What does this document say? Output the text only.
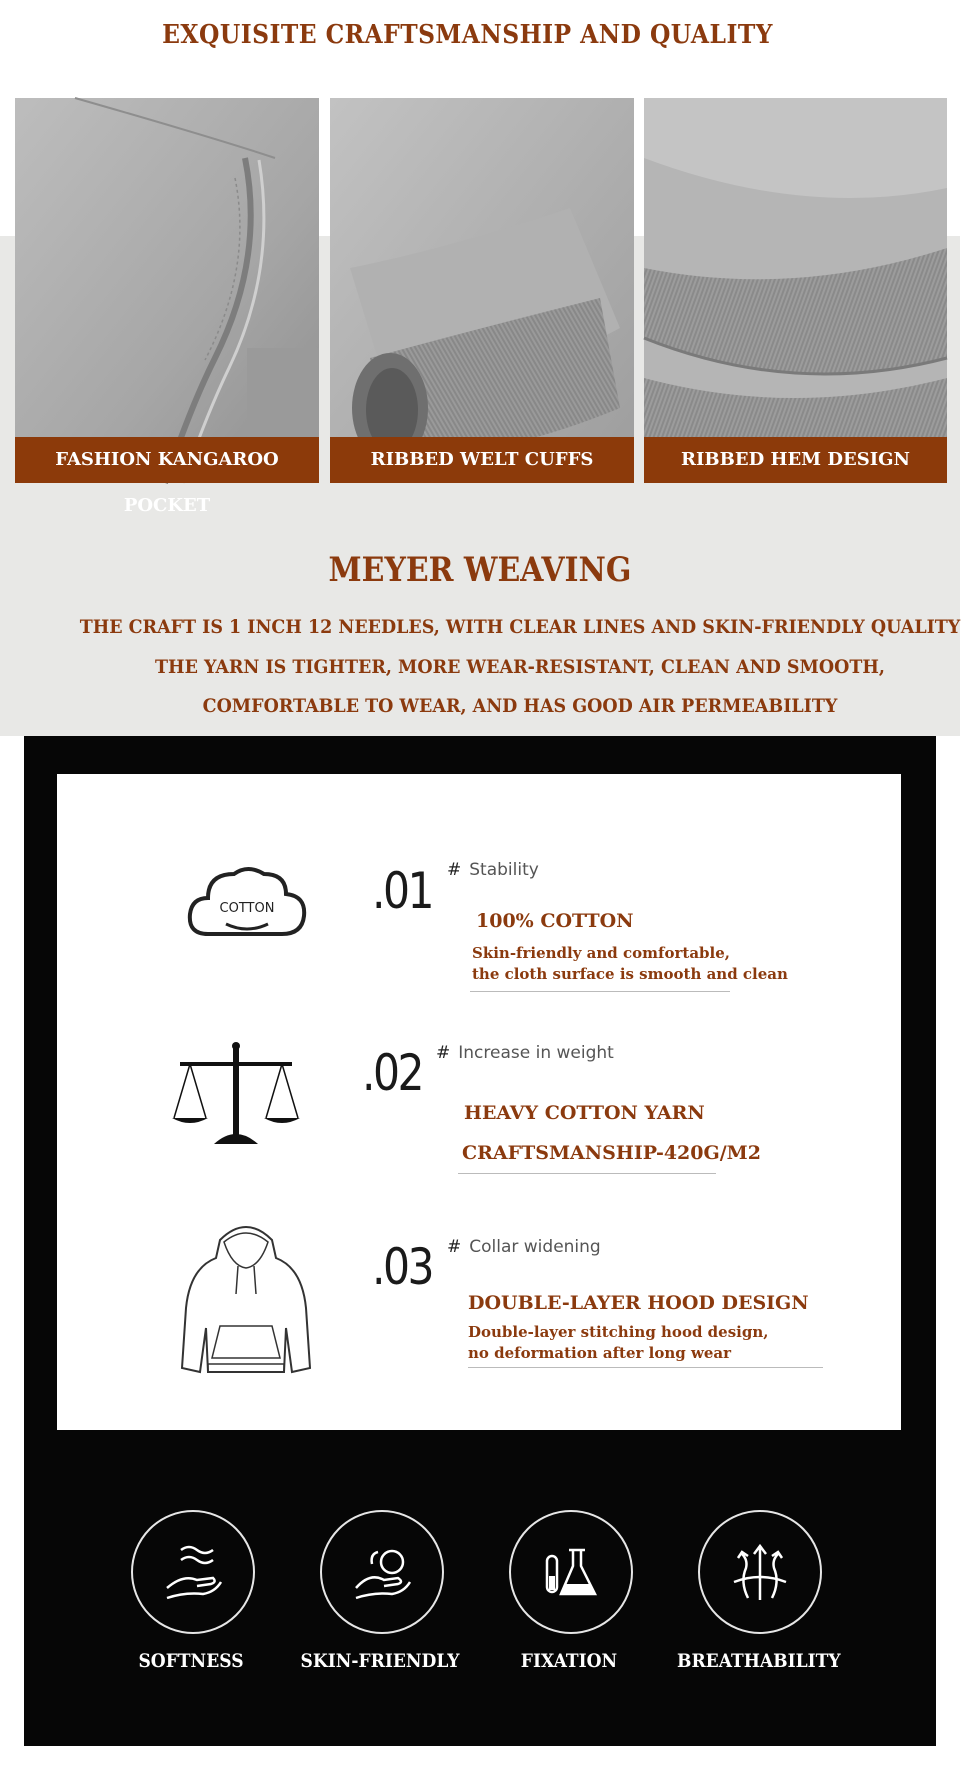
EXQUISITE CRAFTSMANSHIP AND QUALITY
FASHION KANGAROO POCKET
RIBBED WELT CUFFS	RIBBED HEM DESIGN
MEYER WEAVING
THE CRAFT IS 1 INCH 12 NEEDLES, WITH CLEAR LINES AND SKIN-FRIENDLY QUALITY
THE YARN IS TIGHTER, MORE WEAR-RESISTANT, CLEAN AND SMOOTH,
COMFORTABLE TO WEAR, AND HAS GOOD AIR PERMEABILITY
COTTON .01 # Stability
100% COTTON
Skin-friendly and comfortable,
the cloth surface is smooth and clean
.02 # Increase in weight
HEAVY COTTON YARN
CRAFTSMANSHIP-420G/M2
.03 # Collar widening
DOUBLE-LAYER HOOD DESIGN
Double-layer stitching hood design,
no deformation after long wear
SOFTNESS	SKIN-FRIENDLY	FIXATION	BREATHABILITY
